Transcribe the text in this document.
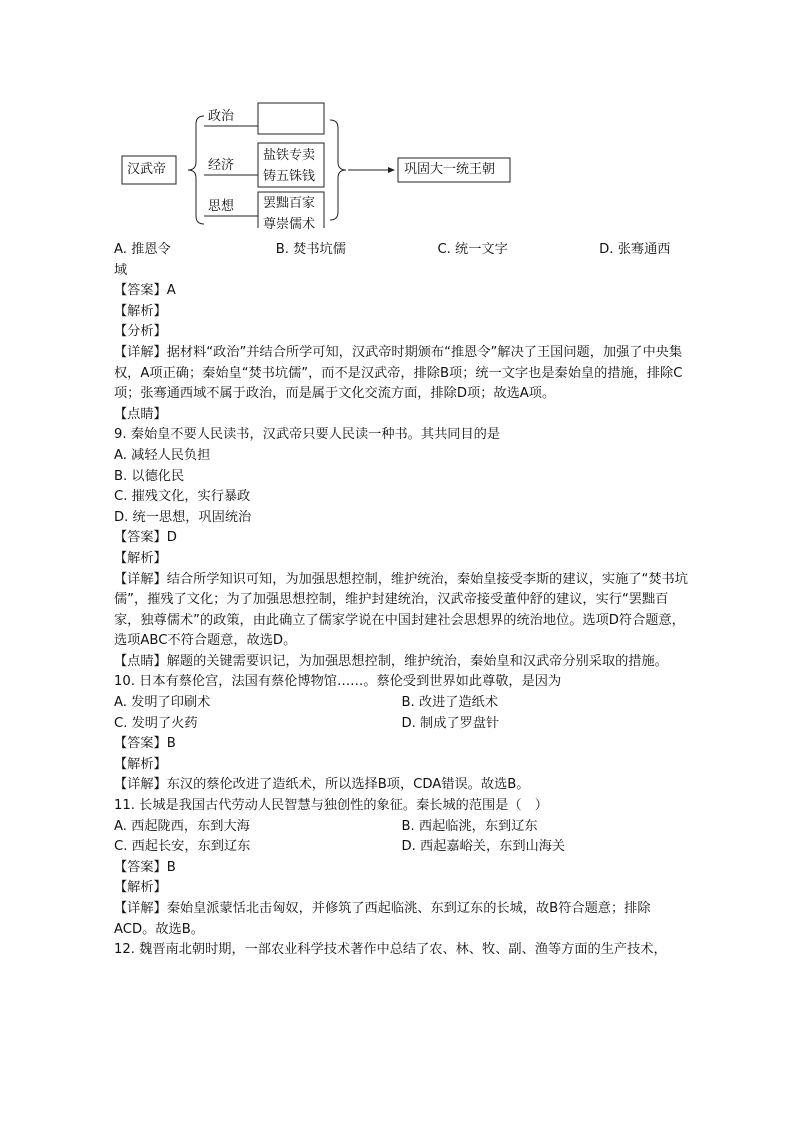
汉武帝
政治
经济
思想
盐铁专卖
铸五铢钱
罢黜百家
尊崇儒术
巩固大一统王朝
A. 推恩令	B. 焚书坑儒	C. 统一文字	D. 张骞通西
域
【答案】A
【解析】
【分析】
【详解】据材料“政治”并结合所学可知，汉武帝时期颁布“推恩令”解决了王国问题，加强了中央集权，A项正确；秦始皇“焚书坑儒”，而不是汉武帝，排除B项；统一文字也是秦始皇的措施，排除C项；张骞通西域不属于政治，而是属于文化交流方面，排除D项；故选A项。
【点睛】
9. 秦始皇不要人民读书，汉武帝只要人民读一种书。其共同目的是
A. 减轻人民负担
B. 以德化民
C. 摧残文化，实行暴政
D. 统一思想，巩固统治
【答案】D
【解析】
【详解】结合所学知识可知，为加强思想控制，维护统治，秦始皇接受李斯的建议，实施了“焚书坑儒”，摧残了文化；为了加强思想控制，维护封建统治，汉武帝接受董仲舒的建议，实行“罢黜百家，独尊儒术”的政策，由此确立了儒家学说在中国封建社会思想界的统治地位。选项D符合题意，选项ABC不符合题意，故选D。
【点睛】解题的关键需要识记，为加强思想控制，维护统治，秦始皇和汉武帝分别采取的措施。
10. 日本有蔡伦宫，法国有蔡伦博物馆……。蔡伦受到世界如此尊敬，是因为
A. 发明了印刷术	B. 改进了造纸术
C. 发明了火药	D. 制成了罗盘针
【答案】B
【解析】
【详解】东汉的蔡伦改进了造纸术，所以选择B项，CDA错误。故选B。
11. 长城是我国古代劳动人民智慧与独创性的象征。秦长城的范围是（　）
A. 西起陇西，东到大海	B. 西起临洮，东到辽东
C. 西起长安，东到辽东	D. 西起嘉峪关，东到山海关
【答案】B
【解析】
【详解】秦始皇派蒙恬北击匈奴，并修筑了西起临洮、东到辽东的长城，故B符合题意；排除ACD。故选B。
12. 魏晋南北朝时期，一部农业科学技术著作中总结了农、林、牧、副、渔等方面的生产技术，
